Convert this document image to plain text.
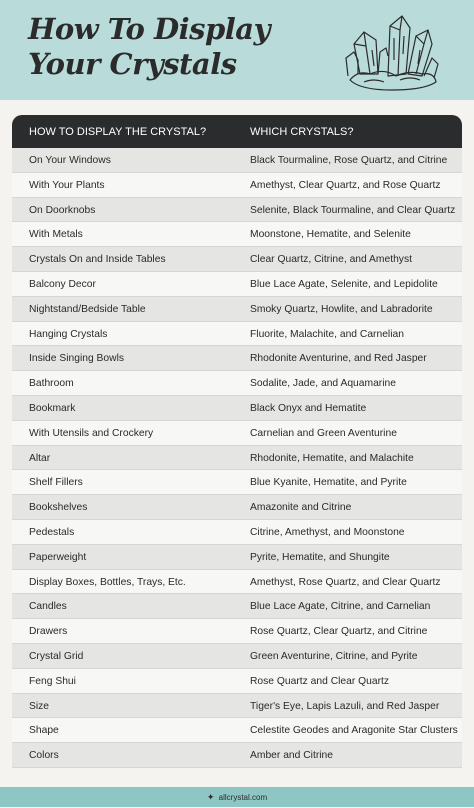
How To Display
Your Crystals
HOW TO DISPLAY THE CRYSTAL?	WHICH CRYSTALS?
On Your Windows	Black Tourmaline, Rose Quartz, and Citrine
With Your Plants	Amethyst, Clear Quartz, and Rose Quartz
On Doorknobs	Selenite, Black Tourmaline, and Clear Quartz
With Metals	Moonstone, Hematite, and Selenite
Crystals On and Inside Tables	Clear Quartz, Citrine, and Amethyst
Balcony Decor	Blue Lace Agate, Selenite, and Lepidolite
Nightstand/Bedside Table	Smoky Quartz, Howlite, and Labradorite
Hanging Crystals	Fluorite, Malachite, and Carnelian
Inside Singing Bowls	Rhodonite Aventurine, and Red Jasper
Bathroom	Sodalite, Jade, and Aquamarine
Bookmark	Black Onyx and Hematite
With Utensils and Crockery	Carnelian and Green Aventurine
Altar	Rhodonite, Hematite, and Malachite
Shelf Fillers	Blue Kyanite, Hematite, and Pyrite
Bookshelves	Amazonite and Citrine
Pedestals	Citrine, Amethyst, and Moonstone
Paperweight	Pyrite, Hematite, and Shungite
Display Boxes, Bottles, Trays, Etc.	Amethyst, Rose Quartz, and Clear Quartz
Candles	Blue Lace Agate, Citrine, and Carnelian
Drawers	Rose Quartz, Clear Quartz, and Citrine
Crystal Grid	Green Aventurine, Citrine, and Pyrite
Feng Shui	Rose Quartz and Clear Quartz
Size	Tiger's Eye, Lapis Lazuli, and Red Jasper
Shape	Celestite Geodes and Aragonite Star Clusters
Colors	Amber and Citrine
✦ allcrystal.com
